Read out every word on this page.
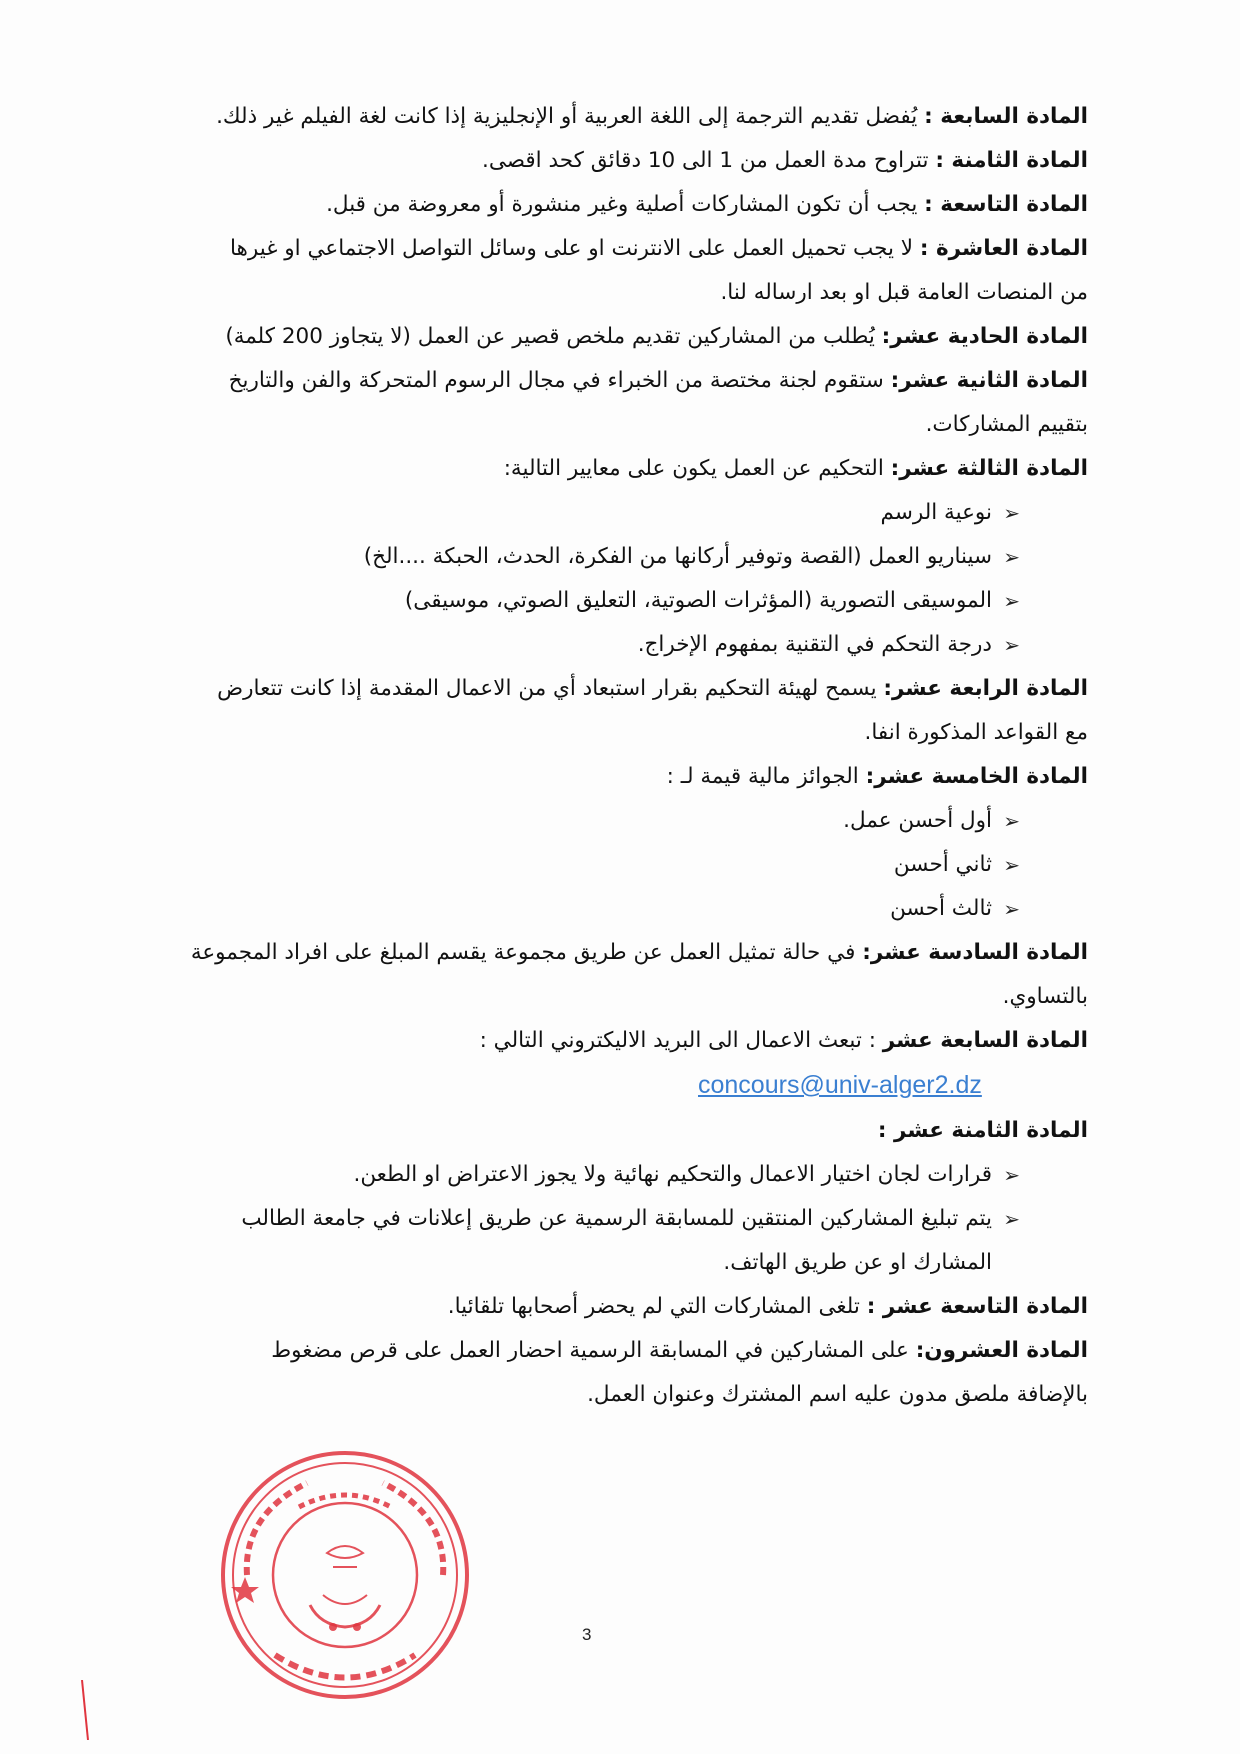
المادة السابعة : يُفضل تقديم الترجمة إلى اللغة العربية أو الإنجليزية إذا كانت لغة الفيلم غير ذلك.
المادة الثامنة : تتراوح مدة العمل من 1 الى 10 دقائق كحد اقصى.
المادة التاسعة : يجب أن تكون المشاركات أصلية وغير منشورة أو معروضة من قبل.
المادة العاشرة : لا يجب تحميل العمل على الانترنت او على وسائل التواصل الاجتماعي او غيرها
من المنصات العامة قبل او بعد ارساله لنا.
المادة الحادية عشر: يُطلب من المشاركين تقديم ملخص قصير عن العمل (لا يتجاوز 200 كلمة)
المادة الثانية عشر: ستقوم لجنة مختصة من الخبراء في مجال الرسوم المتحركة والفن والتاريخ
بتقييم المشاركات.
المادة الثالثة عشر: التحكيم عن العمل يكون على معايير التالية:
➢
نوعية الرسم
➢
سيناريو العمل (القصة وتوفير أركانها من الفكرة، الحدث، الحبكة ....الخ)
➢
الموسيقى التصورية (المؤثرات الصوتية، التعليق الصوتي، موسيقى)
➢
درجة التحكم في التقنية بمفهوم الإخراج.
المادة الرابعة عشر: يسمح لهيئة التحكيم بقرار استبعاد أي من الاعمال المقدمة إذا كانت تتعارض
مع القواعد المذكورة انفا.
المادة الخامسة عشر: الجوائز مالية قيمة لـ :
➢
أول أحسن عمل.
➢
ثاني أحسن
➢
ثالث أحسن
المادة السادسة عشر: في حالة تمثيل العمل عن طريق مجموعة يقسم المبلغ على افراد المجموعة
بالتساوي.
المادة السابعة عشر : تبعث الاعمال الى البريد الاليكتروني التالي :
concours@univ-alger2.dz
المادة الثامنة عشر :
➢
قرارات لجان اختيار الاعمال والتحكيم نهائية ولا يجوز الاعتراض او الطعن.
➢
يتم تبليغ المشاركين المنتقين للمسابقة الرسمية عن طريق إعلانات في جامعة الطالب
المشارك او عن طريق الهاتف.
المادة التاسعة عشر : تلغى المشاركات التي لم يحضر أصحابها تلقائيا.
المادة العشرون: على المشاركين في المسابقة الرسمية احضار العمل على قرص مضغوط
بالإضافة ملصق مدون عليه اسم المشترك وعنوان العمل.
3
